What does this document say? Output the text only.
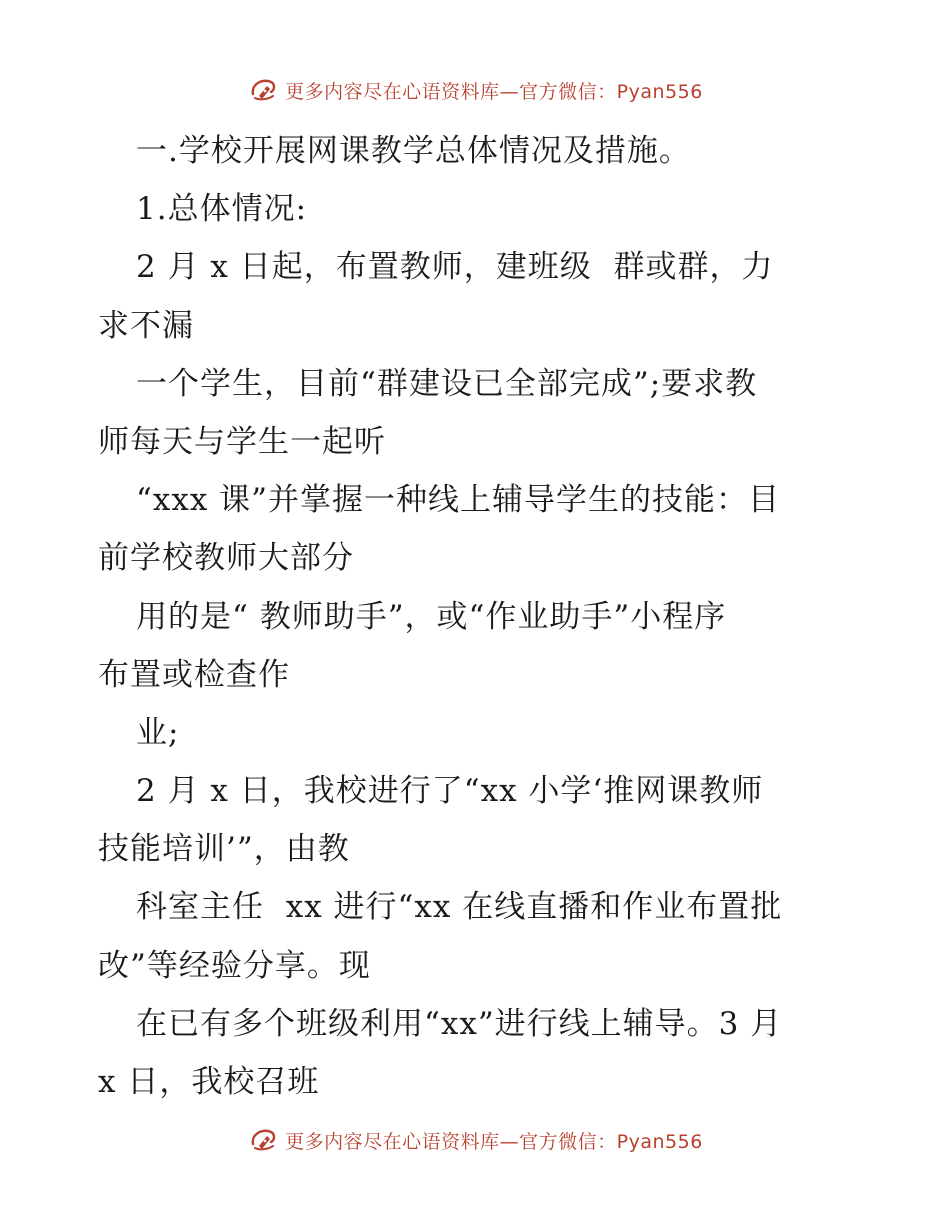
更多内容尽在心语资料库—官方微信：Pyan556
一.学校开展网课教学总体情况及措施。
1.总体情况:
2 月 x 日起，布置教师，建班级  群或群，力
求不漏
一个学生，目前“群建设已全部完成”;要求教
师每天与学生一起听
“xxx 课”并掌握一种线上辅导学生的技能：目
前学校教师大部分
用的是“ 教师助手”，或“作业助手”小程序
布置或检查作
业;
2 月 x 日，我校进行了“xx 小学‘推网课教师
技能培训’”，由教
科室主任  xx 进行“xx 在线直播和作业布置批
改”等经验分享。现
在已有多个班级利用“xx”进行线上辅导。3 月
x 日，我校召班
更多内容尽在心语资料库—官方微信：Pyan556
